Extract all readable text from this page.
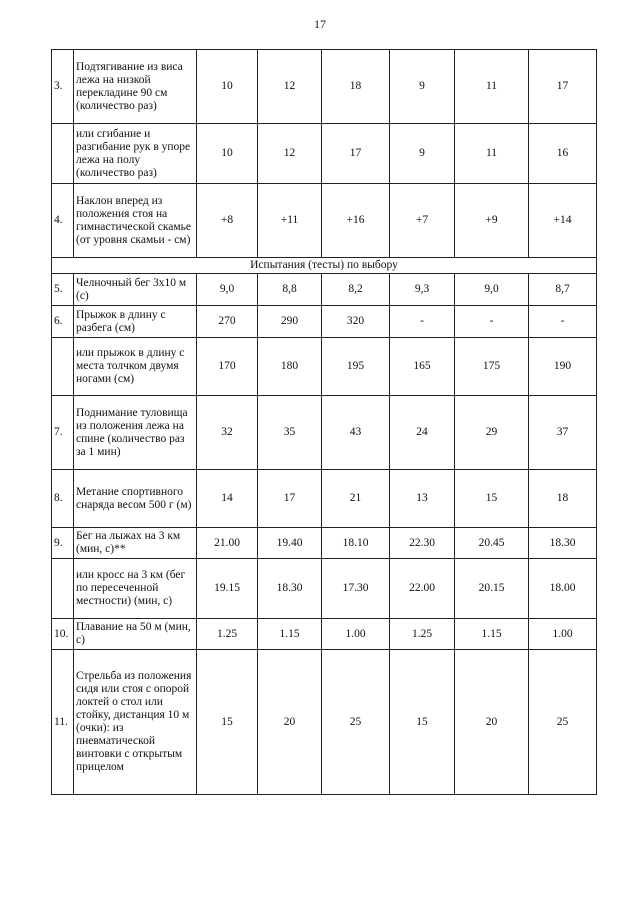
17
3.	Подтягивание из виса лежа на низкой перекладине 90 см (количество раз)	10	12	18	9	11	17
	или сгибание и разгибание рук в упоре лежа на полу (количество раз)	10	12	17	9	11	16
4.	Наклон вперед из положения стоя на гимнастической скамье (от уровня скамьи - см)	+8	+11	+16	+7	+9	+14
Испытания (тесты) по выбору							
5.	Челночный бег 3x10 м (с)	9,0	8,8	8,2	9,3	9,0	8,7
6.	Прыжок в длину с разбега (см)	270	290	320	-	-	-
	или прыжок в длину с места толчком двумя ногами (см)	170	180	195	165	175	190
7.	Поднимание туловища из положения лежа на спине (количество раз за 1 мин)	32	35	43	24	29	37
8.	Метание спортивного снаряда весом 500 г (м)	14	17	21	13	15	18
9.	Бег на лыжах на 3 км (мин, с)**	21.00	19.40	18.10	22.30	20.45	18.30
	или кросс на 3 км (бег по пересеченной местности) (мин, с)	19.15	18.30	17.30	22.00	20.15	18.00
10.	Плавание на 50 м (мин, с)	1.25	1.15	1.00	1.25	1.15	1.00
11.	Стрельба из положения сидя или стоя с опорой локтей о стол или стойку, дистанция 10 м (очки): из пневматической винтовки с открытым прицелом	15	20	25	15	20	25
